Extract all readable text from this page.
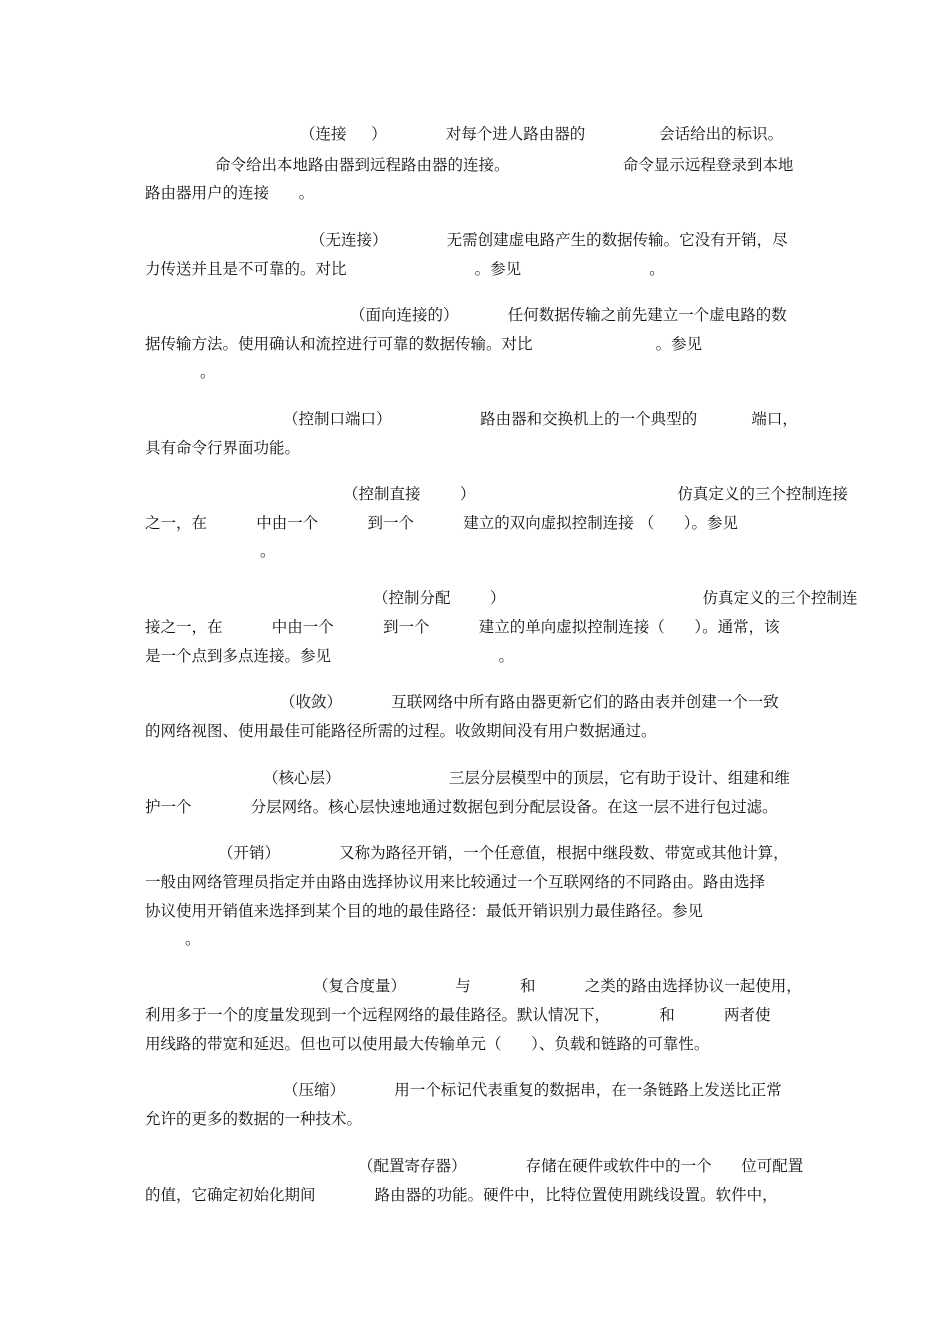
（连接     ）            对每个进人路由器的               会话给出的标识。
命令给出本地路由器到远程路由器的连接。                       命令显示远程登录到本地
路由器用户的连接      。
（无连接）            无需创建虚电路产生的数据传输。它没有开销，尽
力传送并且是不可靠的。对比                          。参见                          。
（面向连接的）          任何数据传输之前先建立一个虚电路的数
据传输方法。使用确认和流控进行可靠的数据传输。对比                         。参见
。
（控制口端口）                  路由器和交换机上的一个典型的           端口，
具有命令行界面功能。
（控制直接        ）                                         仿真定义的三个控制连接
之一，在          中由一个          到一个          建立的双向虚拟控制连接 （      ）。参见
。
（控制分配        ）                                        仿真定义的三个控制连
接之一，在          中由一个          到一个          建立的单向虚拟控制连接（      ）。通常，该
是一个点到多点连接。参见                                  。
（收敛）          互联网络中所有路由器更新它们的路由表并创建一个一致
的网络视图、使用最佳可能路径所需的过程。收敛期间没有用户数据通过。
（核心层）                      三层分层模型中的顶层，它有助于设计、组建和维
护一个            分层网络。核心层快速地通过数据包到分配层设备。在这一层不进行包过滤。
（开销）            又称为路径开销，一个任意值，根据中继段数、带宽或其他计算，
一般由网络管理员指定并由路由选择协议用来比较通过一个互联网络的不同路由。路由选择
协议使用开销值来选择到某个目的地的最佳路径：最低开销识别力最佳路径。参见
。
（复合度量）          与          和          之类的路由选择协议一起使用，
利用多于一个的度量发现到一个远程网络的最佳路径。默认情况下，          和          两者使
用线路的带宽和延迟。但也可以使用最大传输单元（      ）、负载和链路的可靠性。
（压缩）          用一个标记代表重复的数据串，在一条链路上发送比正常
允许的更多的数据的一种技术。
（配置寄存器）            存储在硬件或软件中的一个      位可配置
的值，它确定初始化期间            路由器的功能。硬件中，比特位置使用跳线设置。软件中，
